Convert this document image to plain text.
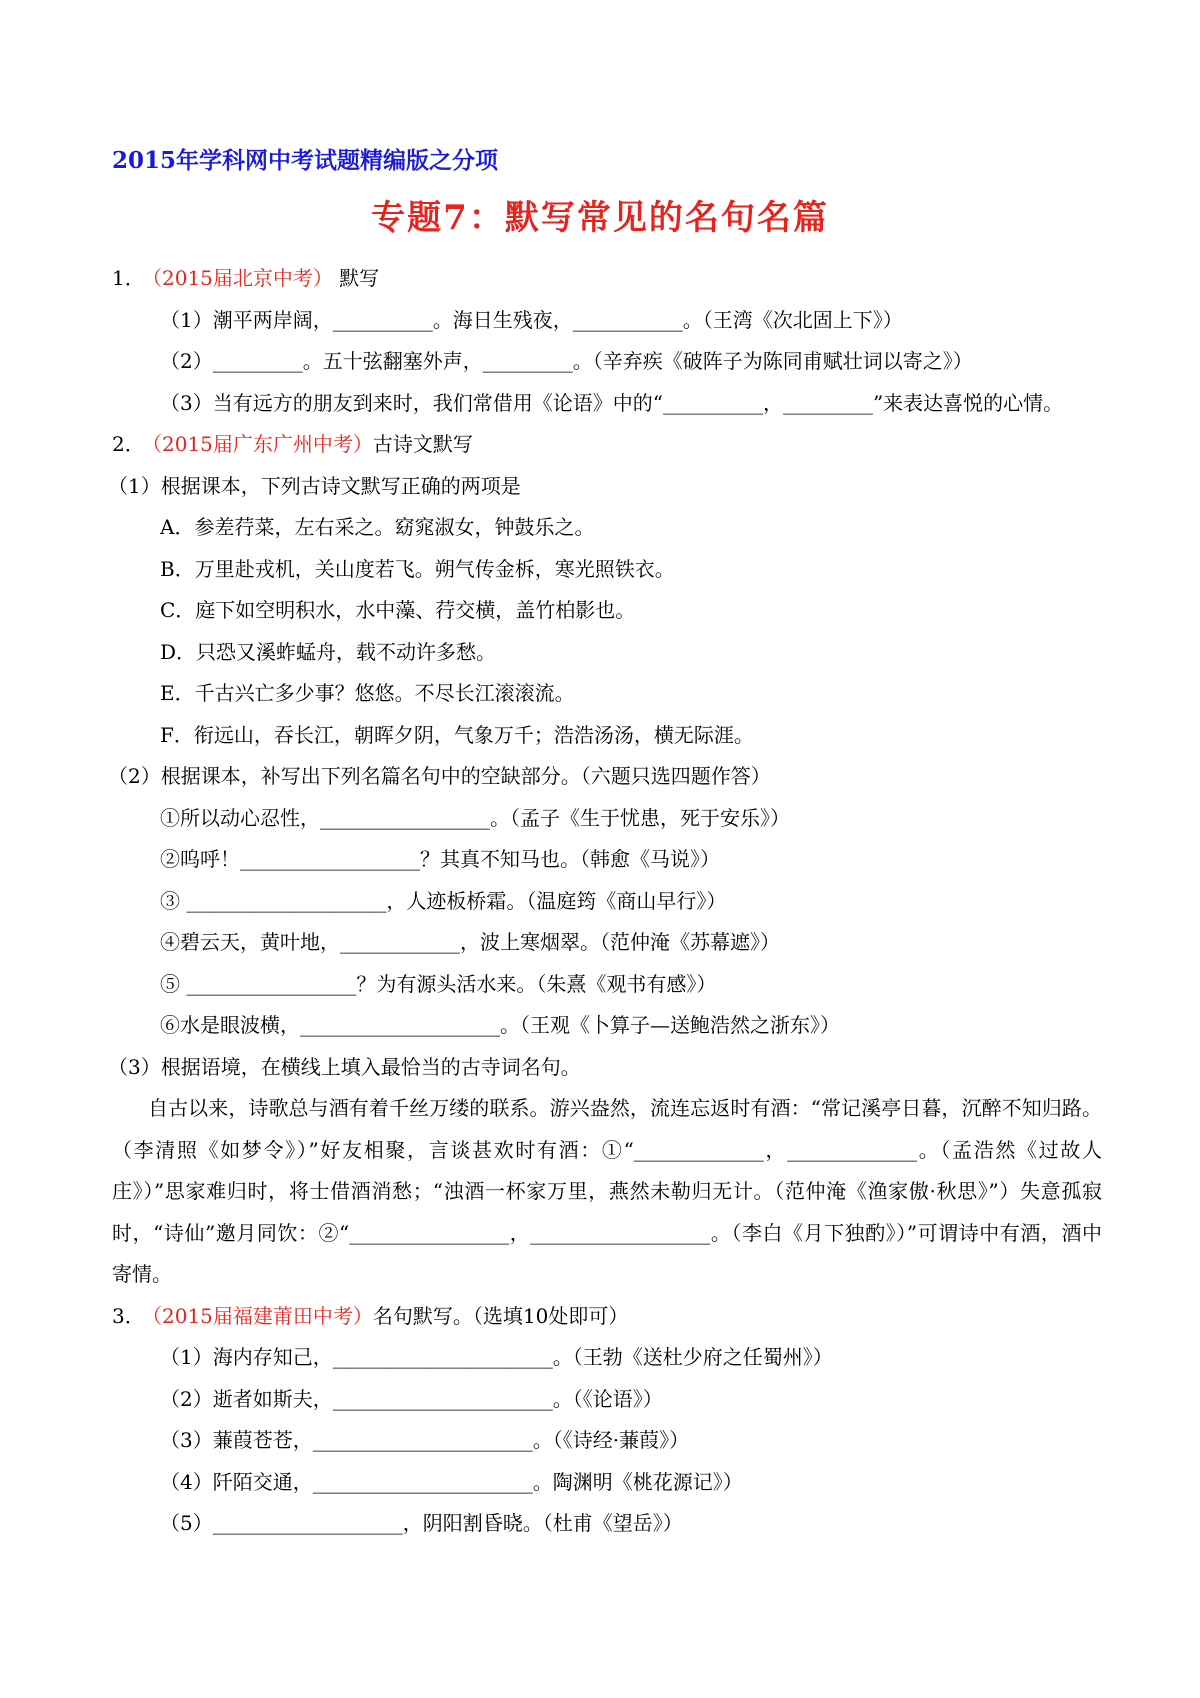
2015年学科网中考试题精编版之分项
专题7：默写常见的名句名篇
1．（2015届北京中考） 默写
（1）潮平两岸阔，__________。海日生残夜，___________。（王湾《次北固上下》）
（2）_________。五十弦翻塞外声，_________。（辛弃疾《破阵子为陈同甫赋壮词以寄之》）
（3）当有远方的朋友到来时，我们常借用《论语》中的“__________，_________”来表达喜悦的心情。
2．（2015届广东广州中考）古诗文默写
（1）根据课本，下列古诗文默写正确的两项是
A．参差荇菜，左右采之。窈窕淑女，钟鼓乐之。
B．万里赴戎机，关山度若飞。朔气传金柝，寒光照铁衣。
C．庭下如空明积水，水中藻、荇交横，盖竹柏影也。
D．只恐又溪蚱蜢舟，载不动许多愁。
E．千古兴亡多少事？悠悠。不尽长江滚滚流。
F．衔远山，吞长江，朝晖夕阴，气象万千；浩浩汤汤，横无际涯。
（2）根据课本，补写出下列名篇名句中的空缺部分。（六题只选四题作答）
①所以动心忍性，_________________。（孟子《生于忧患，死于安乐》）
②呜呼！__________________？其真不知马也。（韩愈《马说》）
③ ____________________，人迹板桥霜。（温庭筠《商山早行》）
④碧云天，黄叶地，____________，波上寒烟翠。（范仲淹《苏幕遮》）
⑤ _________________？为有源头活水来。（朱熹《观书有感》）
⑥水是眼波横，____________________。（王观《卜算子—送鲍浩然之浙东》）
（3）根据语境，在横线上填入最恰当的古寺词名句。
自古以来，诗歌总与酒有着千丝万缕的联系。游兴盎然，流连忘返时有酒：“常记溪亭日暮，沉醉不知归路。（李清照《如梦令》）”好友相聚，言谈甚欢时有酒：①“_____________，_____________。（孟浩然《过故人庄》）”思家难归时，将士借酒消愁；“浊酒一杯家万里，燕然未勒归无计。（范仲淹《渔家傲·秋思》”）失意孤寂时，“诗仙”邀月同饮：②“________________，__________________。（李白《月下独酌》）”可谓诗中有酒，酒中寄情。
3．（2015届福建莆田中考）名句默写。（选填10处即可）
（1）海内存知己，______________________。（王勃《送杜少府之任蜀州》）
（2）逝者如斯夫，______________________。（《论语》）
（3）蒹葭苍苍，______________________。（《诗经·蒹葭》）
（4）阡陌交通，______________________。陶渊明《桃花源记》）
（5）___________________，阴阳割昏晓。（杜甫《望岳》）
